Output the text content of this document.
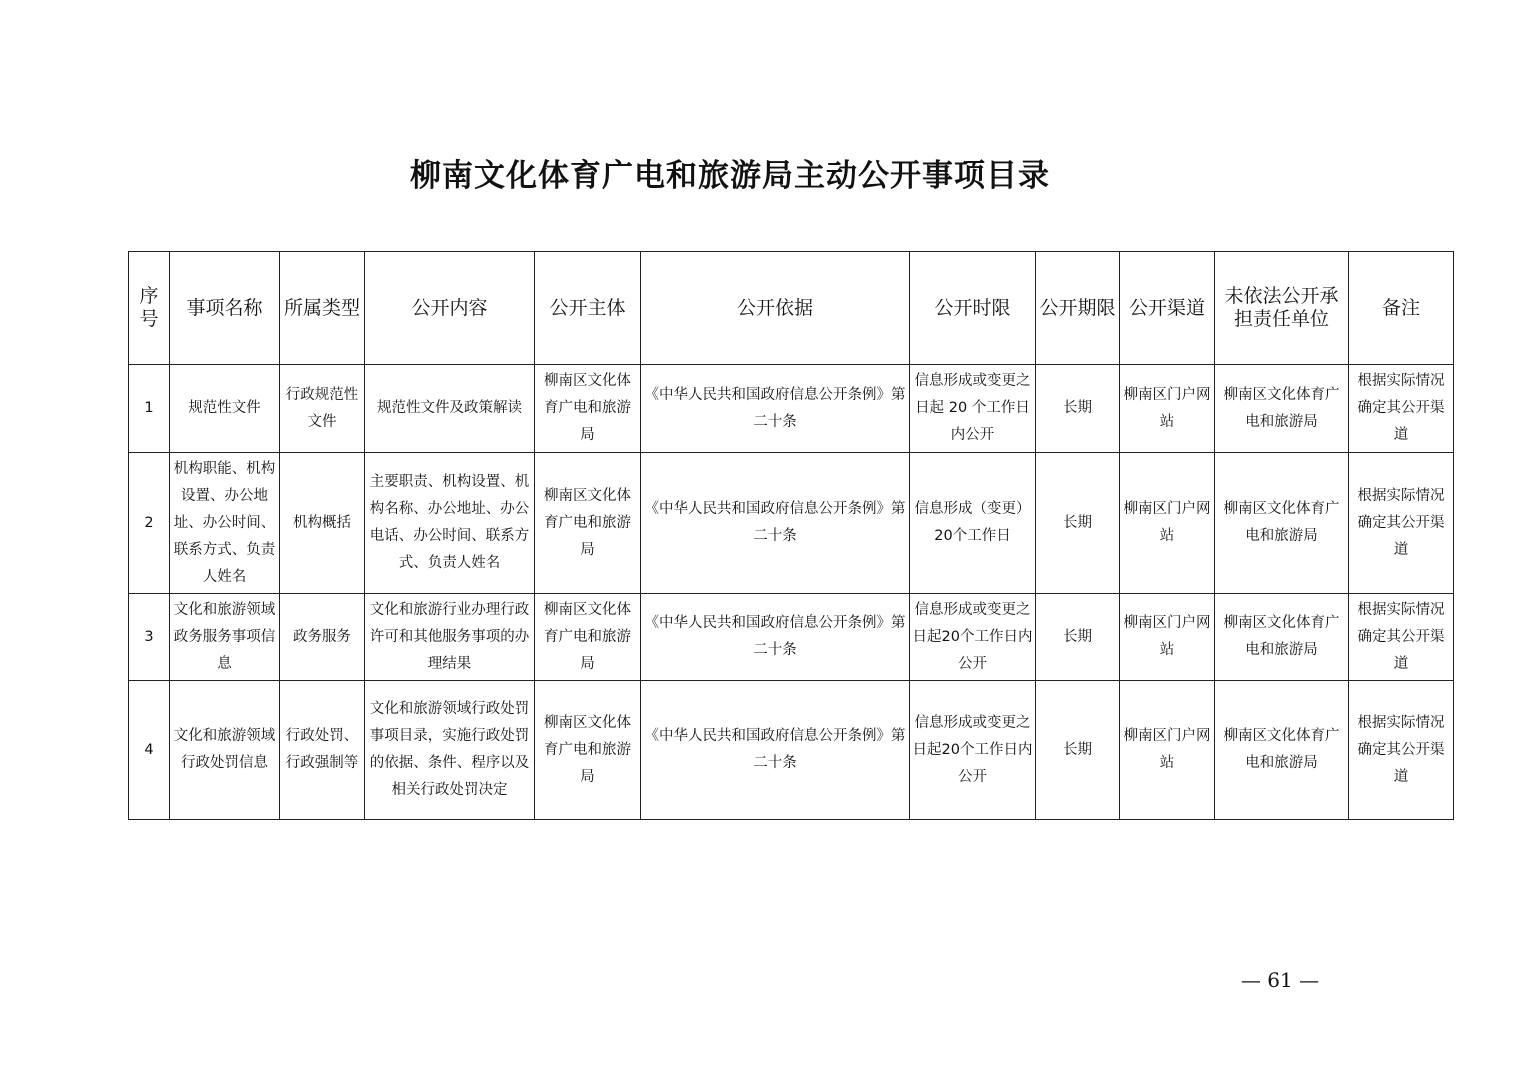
柳南文化体育广电和旅游局主动公开事项目录
序号	事项名称	所属类型	公开内容	公开主体	公开依据	公开时限	公开期限	公开渠道	未依法公开承担责任单位	备注
1	规范性文件	行政规范性文件	规范性文件及政策解读	柳南区文化体育广电和旅游局	《中华人民共和国政府信息公开条例》第二十条	信息形成或变更之日起 20 个工作日内公开	长期	柳南区门户网站	柳南区文化体育广电和旅游局	根据实际情况确定其公开渠道
2	机构职能、机构设置、办公地址、办公时间、联系方式、负责人姓名	机构概括	主要职责、机构设置、机构名称、办公地址、办公电话、办公时间、联系方式、负责人姓名	柳南区文化体育广电和旅游局	《中华人民共和国政府信息公开条例》第二十条	信息形成（变更）20个工作日	长期	柳南区门户网站	柳南区文化体育广电和旅游局	根据实际情况确定其公开渠道
3	文化和旅游领域政务服务事项信息	政务服务	文化和旅游行业办理行政许可和其他服务事项的办理结果	柳南区文化体育广电和旅游局	《中华人民共和国政府信息公开条例》第二十条	信息形成或变更之日起20个工作日内公开	长期	柳南区门户网站	柳南区文化体育广电和旅游局	根据实际情况确定其公开渠道
4	文化和旅游领域行政处罚信息	行政处罚、行政强制等	文化和旅游领域行政处罚事项目录，实施行政处罚的依据、条件、程序以及相关行政处罚决定	柳南区文化体育广电和旅游局	《中华人民共和国政府信息公开条例》第二十条	信息形成或变更之日起20个工作日内公开	长期	柳南区门户网站	柳南区文化体育广电和旅游局	根据实际情况确定其公开渠道
— 61 —
